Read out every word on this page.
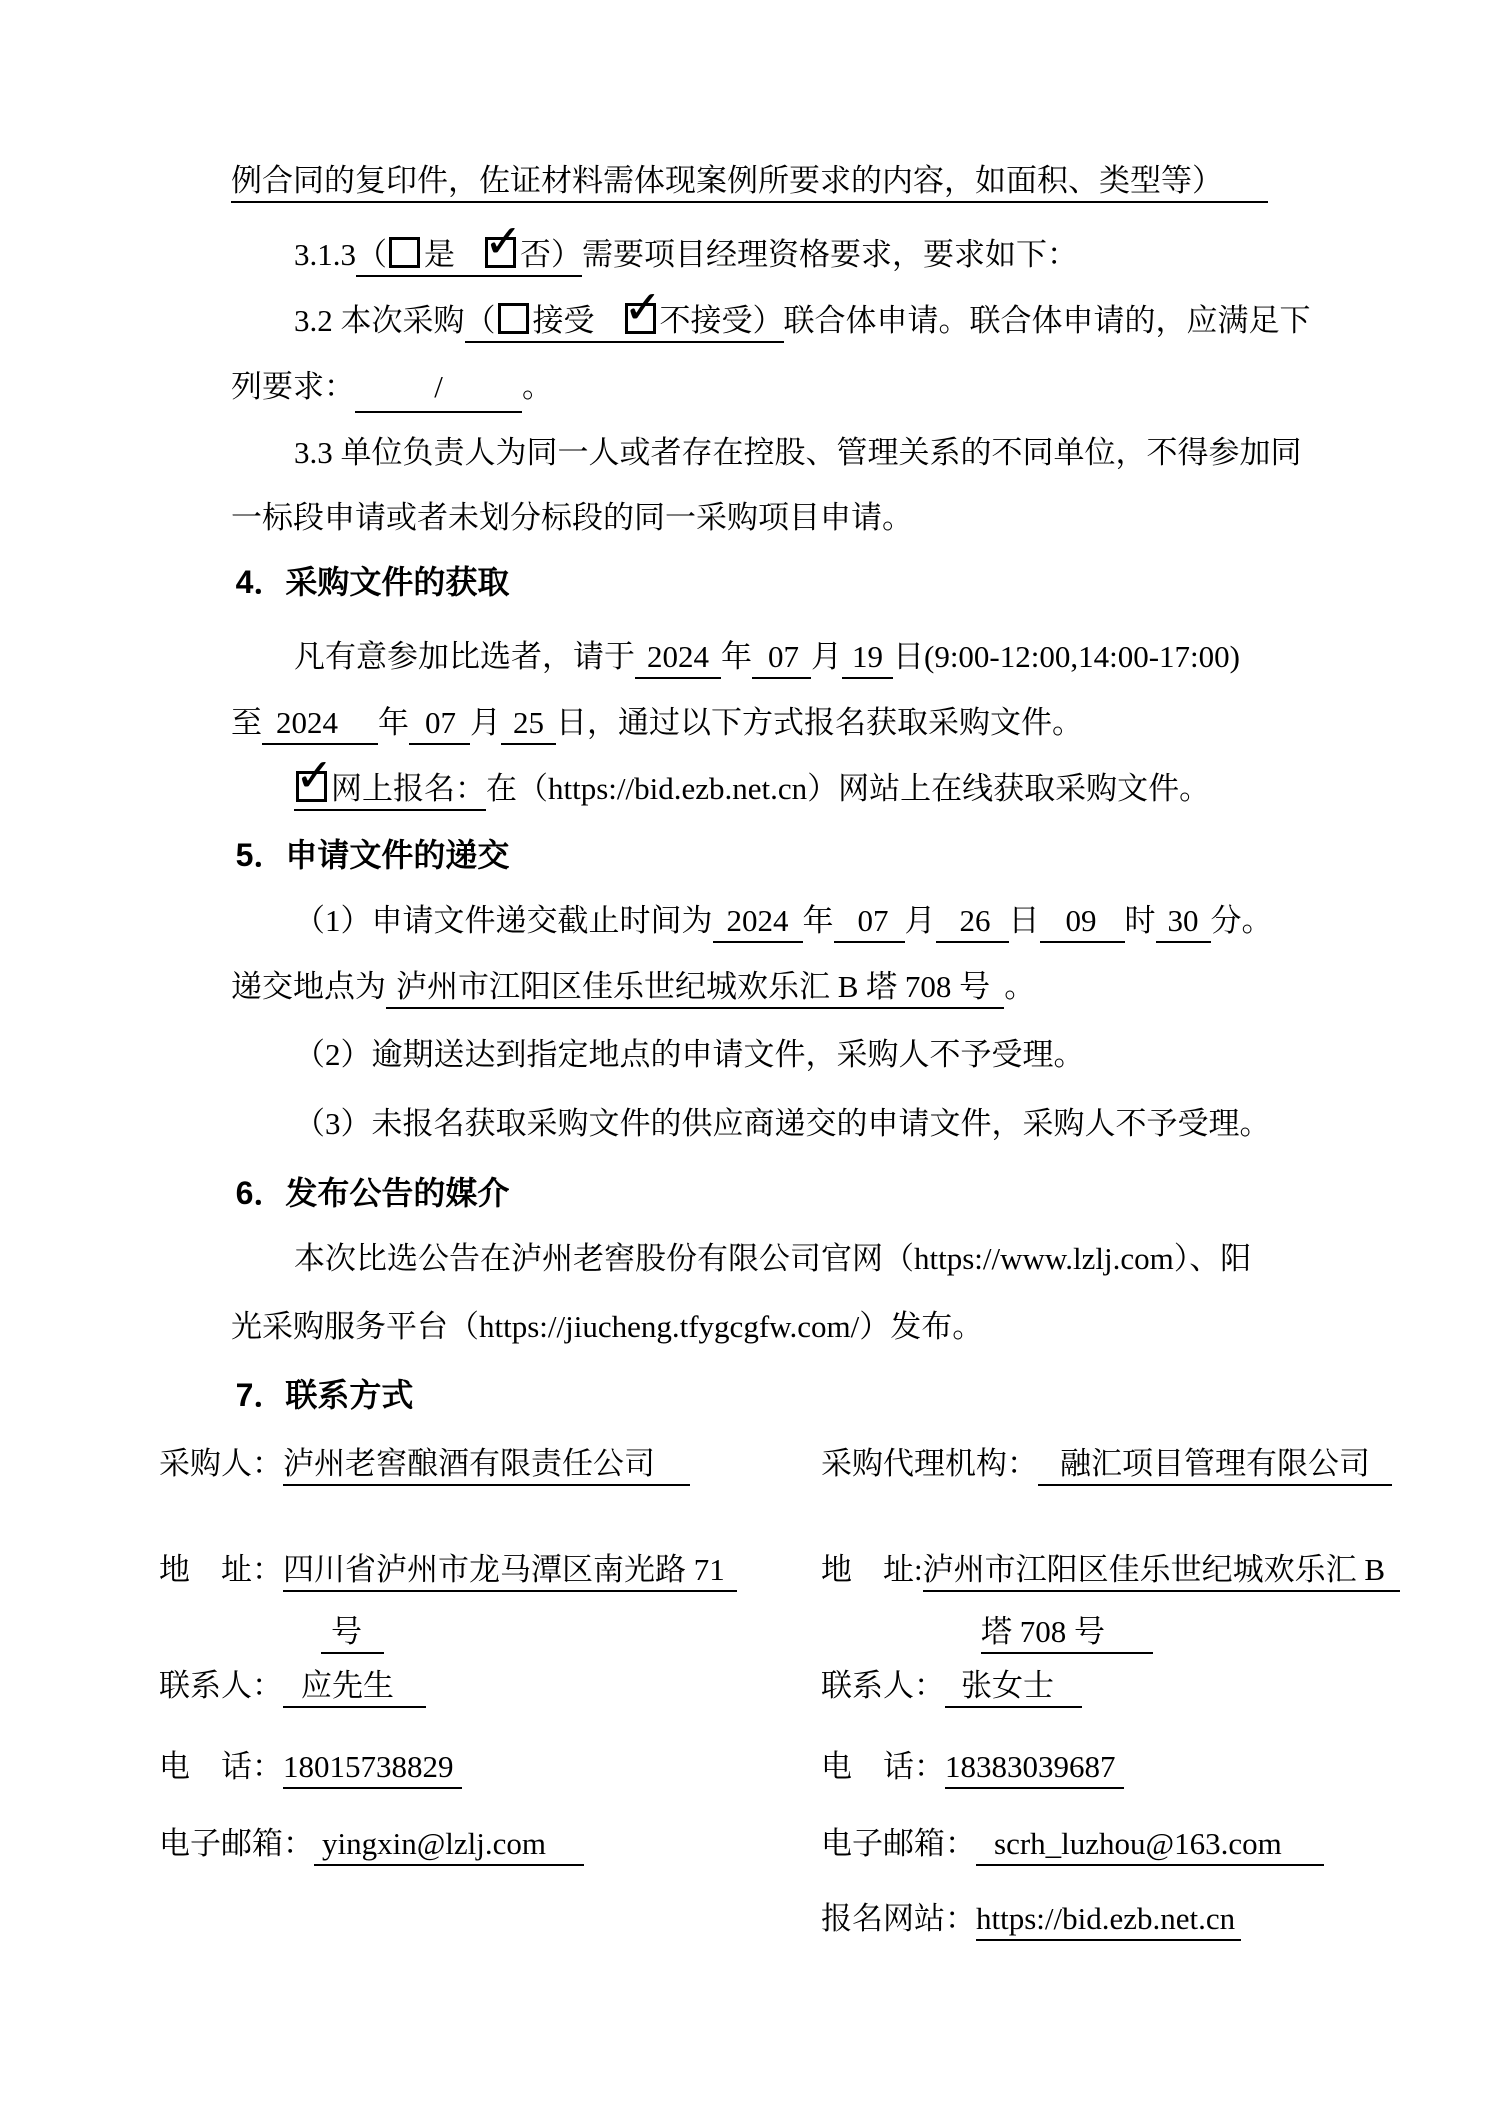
例合同的复印件，佐证材料需体现案例所要求的内容，如面积、类型等）

3.1.3（ 是 ✓ 否）需要项目经理资格要求，要求如下：

3.2 本次采购（ 接受 ✓ 不接受）联合体申请。联合体申请的，应满足下

列要求：	/	。

3.3 单位负责人为同一人或者存在控股、管理关系的不同单位，不得参加同

一标段申请或者未划分标段的同一采购项目申请。

4．采购文件的获取

凡有意参加比选者，请于 2024 年 07 月 19 日(9:00-12:00,14:00-17:00)

至 2024 年 07 月 25 日，通过以下方式报名获取采购文件。

✓网上报名：在（https://bid.ezb.net.cn）网站上在线获取采购文件。

5．申请文件的递交

（1）申请文件递交截止时间为 2024 年 07 月 26 日 09 时 30 分。

递交地点为 泸州市江阳区佳乐世纪城欢乐汇 B 塔 708 号 。

（2）逾期送达到指定地点的申请文件，采购人不予受理。

（3）未报名获取采购文件的供应商递交的申请文件，采购人不予受理。

6．发布公告的媒介

本次比选公告在泸州老窖股份有限公司官网（https://www.lzlj.com）、阳

光采购服务平台（https://jiucheng.tfygcgfw.com/）发布。

7．联系方式

采购人：泸州老窖酿酒有限责任公司

地　址：四川省泸州市龙马潭区南光路 71

号

联系人： 应先生

电　话：18015738829

电子邮箱： yingxin@lzlj.com

采购代理机构： 融汇项目管理有限公司

地　址:泸州市江阳区佳乐世纪城欢乐汇 B

塔 708 号

联系人： 张女士

电　话：18383039687

电子邮箱： scrh_luzhou@163.com

报名网站：https://bid.ezb.net.cn
